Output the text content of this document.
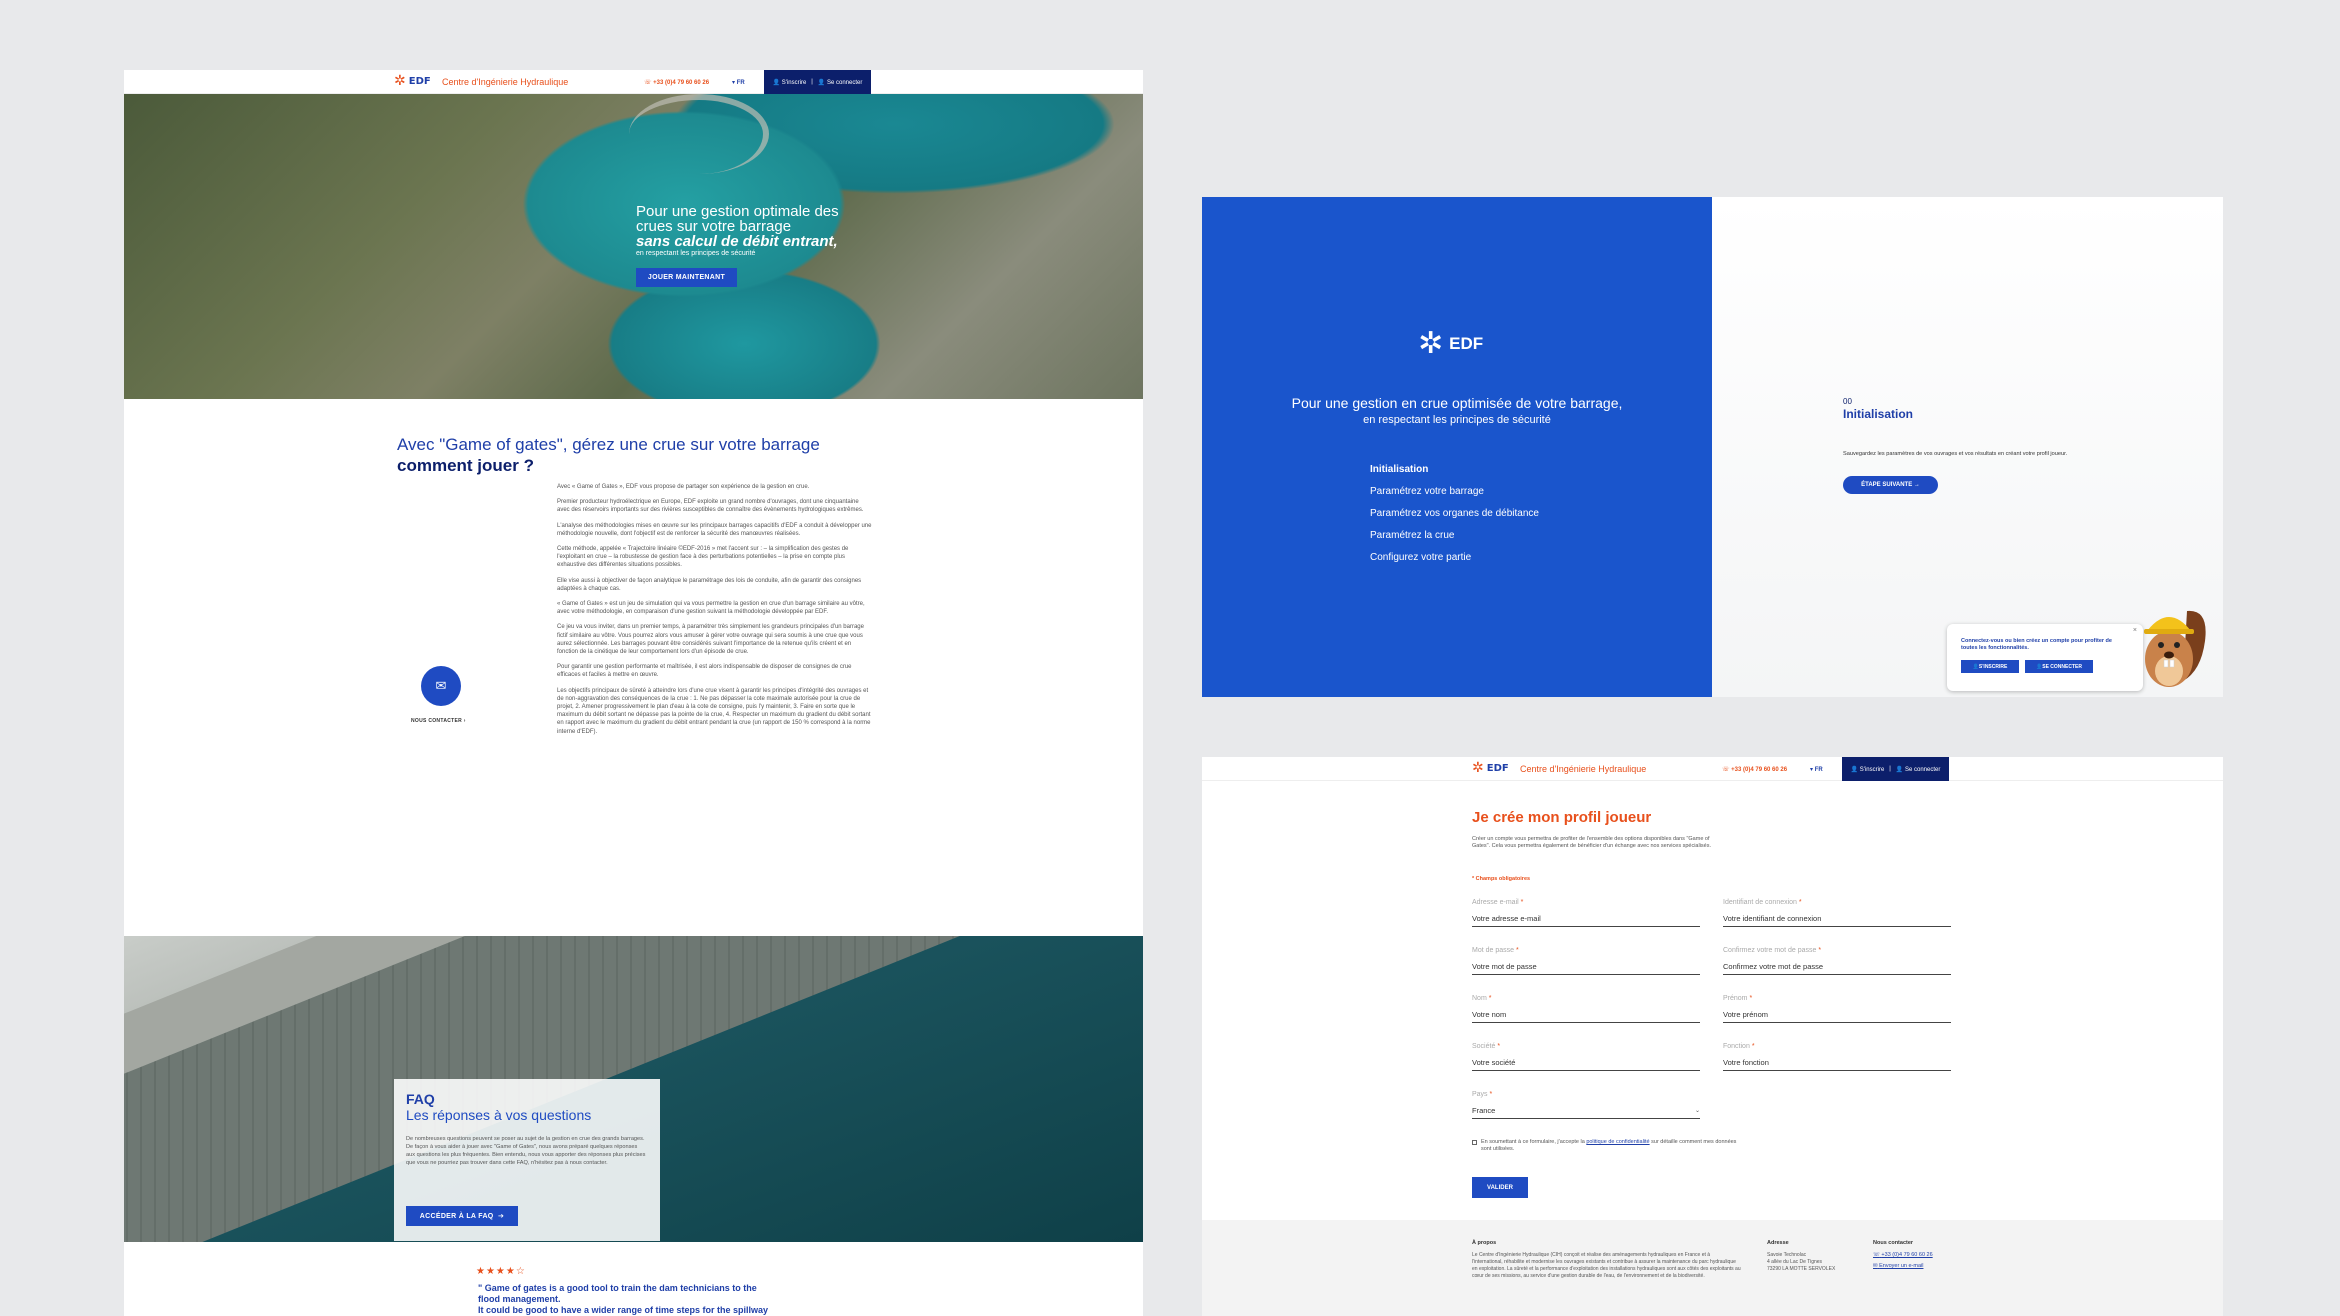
✲ EDF Centre d'Ingénierie Hydraulique	☏ +33 (0)4 79 60 60 26	▾ FR	👤 S'inscrire | 👤 Se connecter
Pour une gestion optimale des
crues sur votre barrage
sans calcul de débit entrant,
en respectant les principes de sécurité
JOUER MAINTENANT
Avec "Game of gates", gérez une crue sur votre barrage
comment jouer ?

Avec « Game of Gates », EDF vous propose de partager son expérience de la gestion en crue.

Premier producteur hydroélectrique en Europe, EDF exploite un grand nombre d'ouvrages, dont une cinquantaine avec des réservoirs importants sur des rivières susceptibles de connaître des évènements hydrologiques extrêmes.

L'analyse des méthodologies mises en œuvre sur les principaux barrages capacitifs d'EDF a conduit à développer une méthodologie nouvelle, dont l'objectif est de renforcer la sécurité des manœuvres réalisées.

Cette méthode, appelée « Trajectoire linéaire ©EDF-2016 » met l'accent sur : – la simplification des gestes de l'exploitant en crue – la robustesse de gestion face à des perturbations potentielles – la prise en compte plus exhaustive des différentes situations possibles.

Elle vise aussi à objectiver de façon analytique le paramétrage des lois de conduite, afin de garantir des consignes adaptées à chaque cas.

« Game of Gates » est un jeu de simulation qui va vous permettre la gestion en crue d'un barrage similaire au vôtre, avec votre méthodologie, en comparaison d'une gestion suivant la méthodologie développée par EDF.

Ce jeu va vous inviter, dans un premier temps, à paramétrer très simplement les grandeurs principales d'un barrage fictif similaire au vôtre. Vous pourrez alors vous amuser à gérer votre ouvrage qui sera soumis à une crue que vous aurez sélectionnée. Les barrages pouvant être considérés suivant l'importance de la retenue qu'ils créent et en fonction de la cinétique de leur comportement lors d'un épisode de crue.

Pour garantir une gestion performante et maîtrisée, il est alors indispensable de disposer de consignes de crue efficaces et faciles à mettre en œuvre.

Les objectifs principaux de sûreté à atteindre lors d'une crue visent à garantir les principes d'intégrité des ouvrages et de non-aggravation des conséquences de la crue : 1. Ne pas dépasser la cote maximale autorisée pour la crue de projet, 2. Amener progressivement le plan d'eau à la cote de consigne, puis l'y maintenir, 3. Faire en sorte que le maximum du débit sortant ne dépasse pas la pointe de la crue, 4. Respecter un maximum du gradient du débit sortant en rapport avec le maximum du gradient du débit entrant pendant la crue (un rapport de 150 % correspond à la norme interne d'EDF).

✉
NOUS CONTACTER ›
FAQ
Les réponses à vos questions
De nombreuses questions peuvent se poser au sujet de la gestion en crue des grands barrages. De façon à vous aider à jouer avec "Game of Gates", nous avons préparé quelques réponses aux questions les plus fréquentes. Bien entendu, nous vous apporter des réponses plus précises que vous ne pourriez pas trouver dans cette FAQ, n'hésitez pas à nous contacter.
ACCÉDER À LA FAQ
➔
★★★★☆
" Game of gates is a good tool to train the dam technicians to the
flood management.
It could be good to have a wider range of time steps for the spillway
✲ EDF
Pour une gestion en crue optimisée de votre barrage,
en respectant les principes de sécurité
Initialisation
Paramétrez votre barrage
Paramétrez vos organes de débitance
Paramétrez la crue
Configurez votre partie
00
Initialisation
Sauvegardez les paramètres de vos ouvrages et vos résultats en créant votre profil joueur.
ÉTAPE SUIVANTE →
×
Connectez-vous ou bien créez un compte pour profiter de toutes les fonctionnalités.
👤 S'INSCRIRE	👤 SE CONNECTER
✲ EDF Centre d'Ingénierie Hydraulique	☏ +33 (0)4 79 60 60 26	▾ FR	👤 S'inscrire | 👤 Se connecter
Je crée mon profil joueur
Créer un compte vous permettra de profiter de l'ensemble des options disponibles dans "Game of Gates". Cela vous permettra également de bénéficier d'un échange avec nos services spécialisés.
* Champs obligatoires
Adresse e-mail *
Votre adresse e-mail
Identifiant de connexion *
Votre identifiant de connexion
Mot de passe *
Votre mot de passe
Confirmez votre mot de passe *
Confirmez votre mot de passe
Nom *
Votre nom
Prénom *
Votre prénom
Société *
Votre société
Fonction *
Votre fonction
Pays *
France	⌄
En soumettant à ce formulaire, j'accepte la politique de confidentialité sur détaille comment mes données sont utilisées.
VALIDER
À propos
Le Centre d'Ingénierie Hydraulique (CIH) conçoit et réalise des aménagements hydrauliques en France et à l'international, réhabilite et modernise les ouvrages existants et contribue à assurer la maintenance du parc hydraulique en exploitation. La sûreté et la performance d'exploitation des installations hydrauliques sont aux côtés des exploitants au cœur de ses missions, au service d'une gestion durable de l'eau, de l'environnement et de la biodiversité.
Adresse
Savoie Technolac
4 allée du Lac De Tignes
73290 LA MOTTE SERVOLEX
Nous contacter
☏ +33 (0)4 79 60 60 26
✉ Envoyer un e-mail
